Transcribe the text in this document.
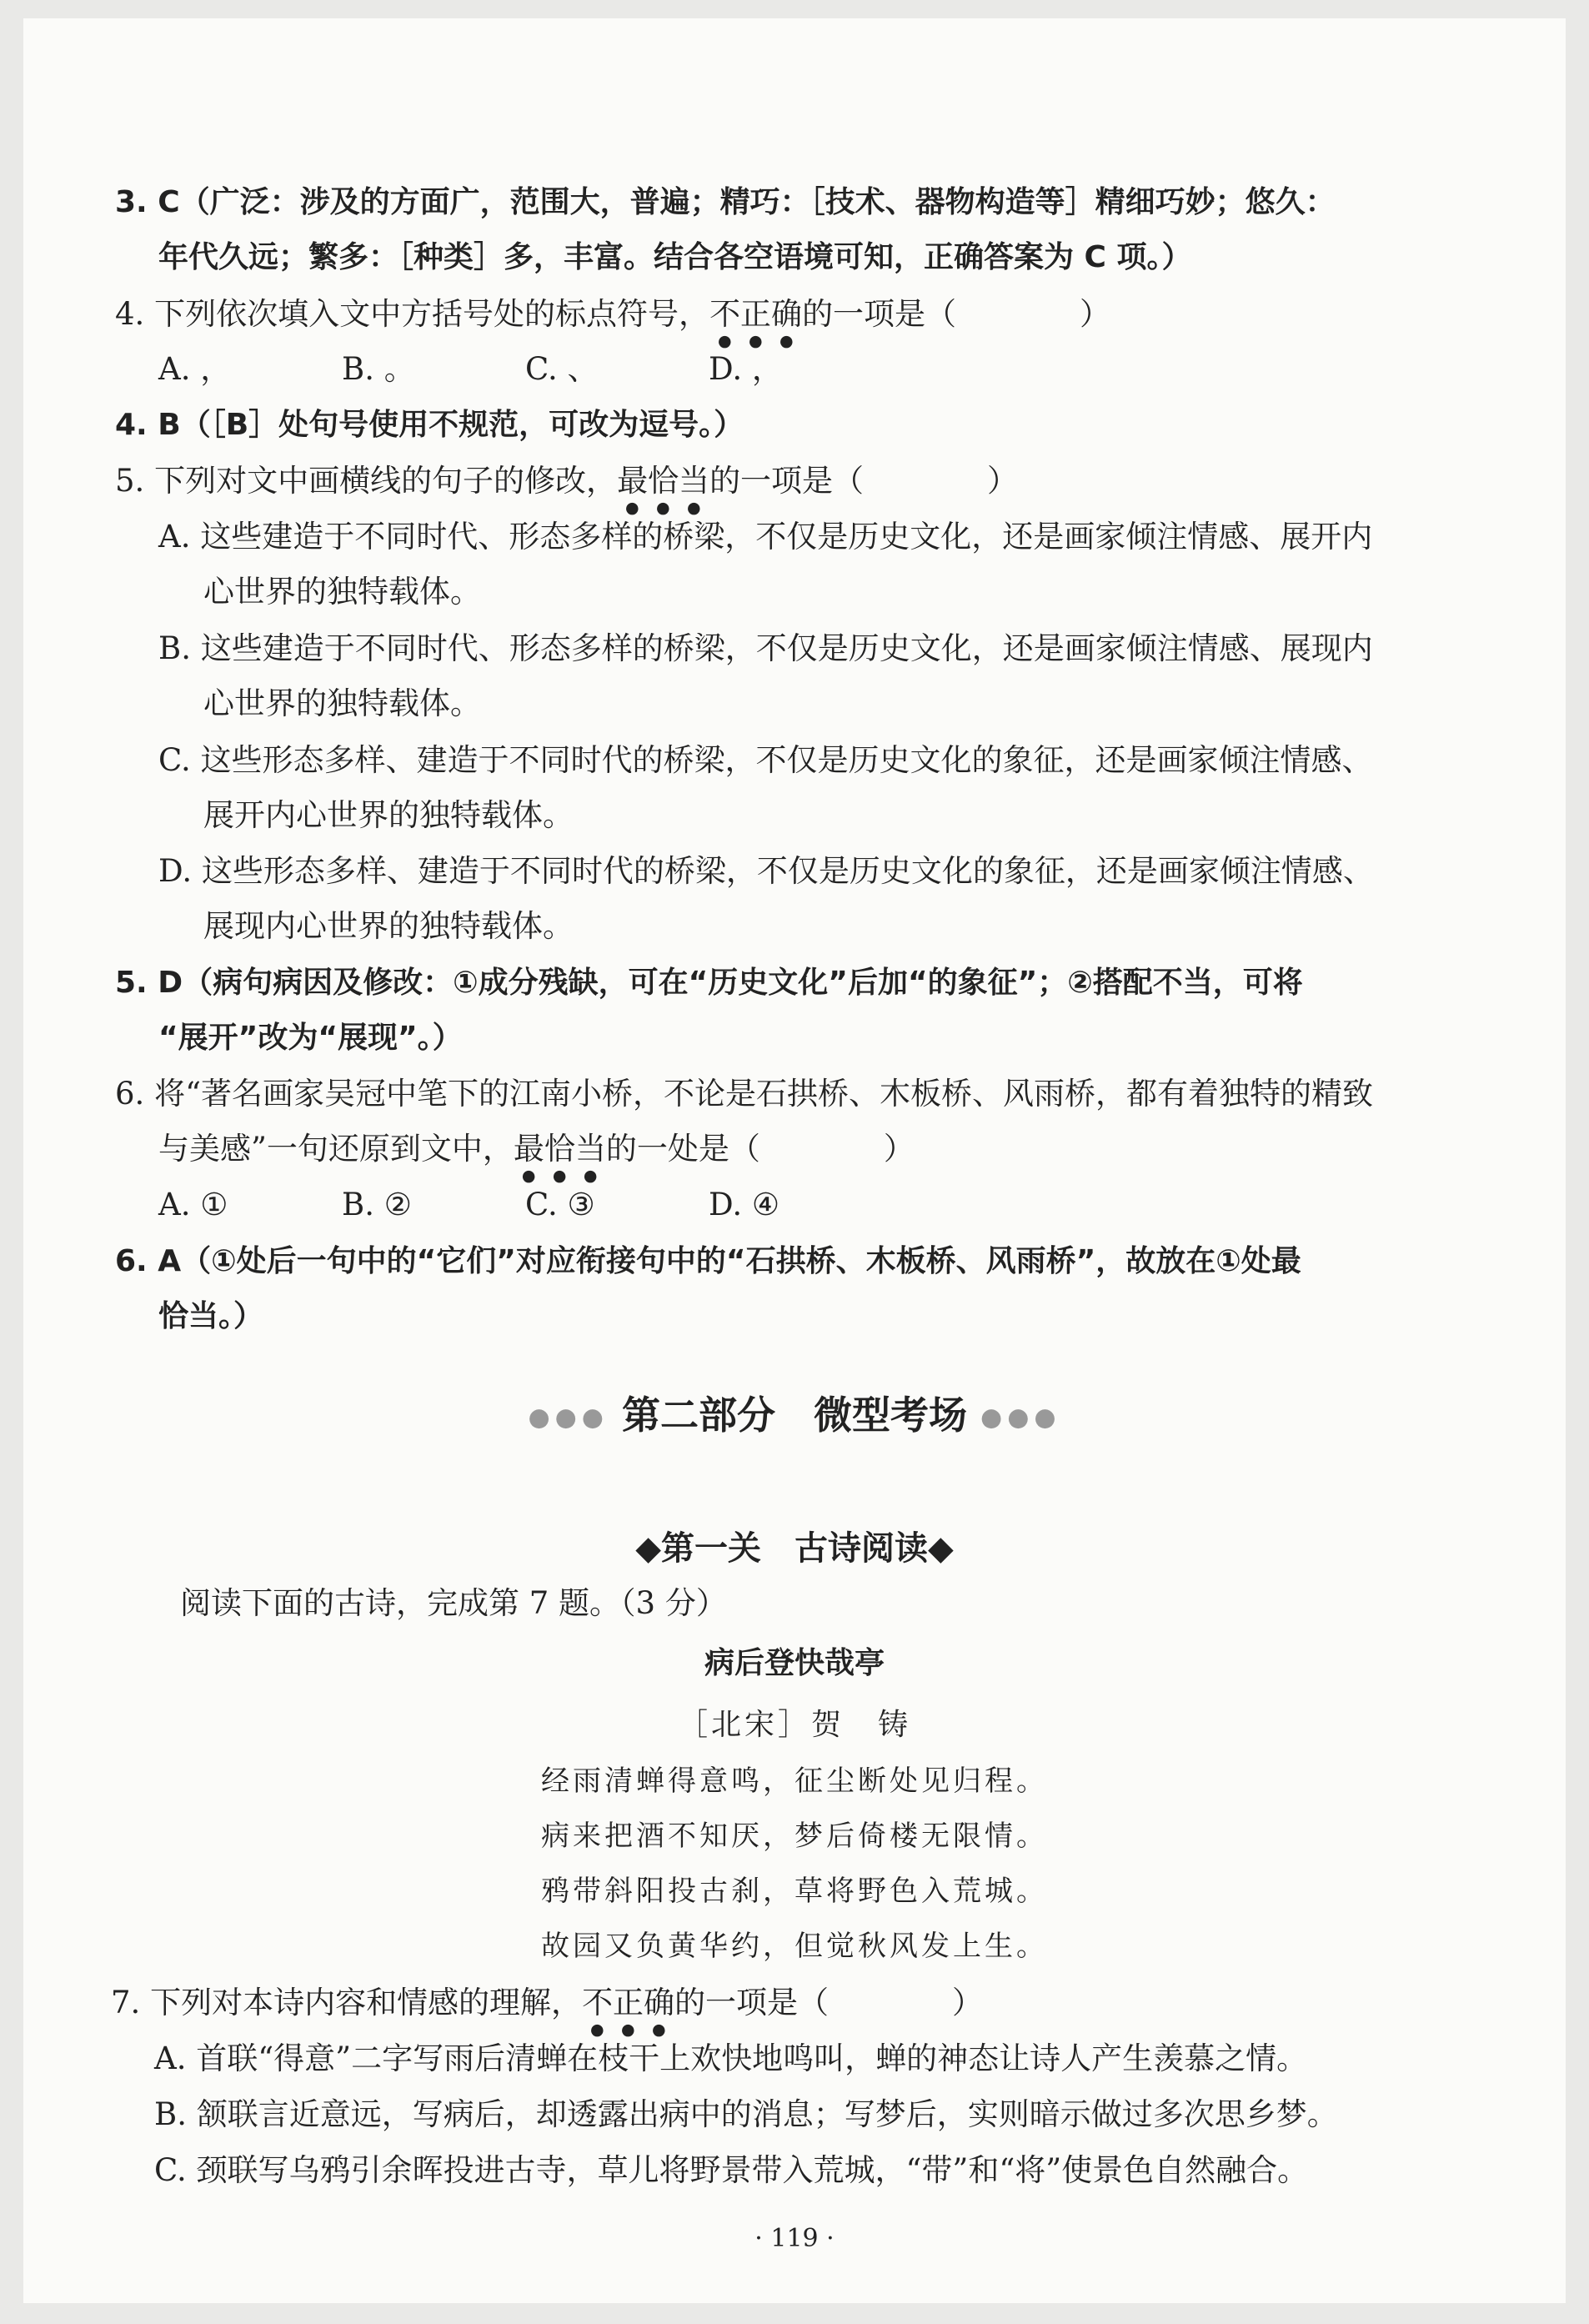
3. C（广泛：涉及的方面广，范围大，普遍；精巧：［技术、器物构造等］精细巧妙；悠久：
年代久远；繁多：［种类］多，丰富。结合各空语境可知，正确答案为 C 项。）
4. 下列依次填入文中方括号处的标点符号，不正确的一项是（　　　　）
A. ，	B. 。	C. 、	D. ，
4. B（［B］处句号使用不规范，可改为逗号。）
5. 下列对文中画横线的句子的修改，最恰当的一项是（　　　　）
A. 这些建造于不同时代、形态多样的桥梁，不仅是历史文化，还是画家倾注情感、展开内
心世界的独特载体。
B. 这些建造于不同时代、形态多样的桥梁，不仅是历史文化，还是画家倾注情感、展现内
心世界的独特载体。
C. 这些形态多样、建造于不同时代的桥梁，不仅是历史文化的象征，还是画家倾注情感、
展开内心世界的独特载体。
D. 这些形态多样、建造于不同时代的桥梁，不仅是历史文化的象征，还是画家倾注情感、
展现内心世界的独特载体。
5. D（病句病因及修改：①成分残缺，可在“历史文化”后加“的象征”；②搭配不当，可将
“展开”改为“展现”。）
6. 将“著名画家吴冠中笔下的江南小桥，不论是石拱桥、木板桥、风雨桥，都有着独特的精致
与美感”一句还原到文中，最恰当的一处是（　　　　）
A. ①	B. ②	C. ③	D. ④
6. A（①处后一句中的“它们”对应衔接句中的“石拱桥、木板桥、风雨桥”，故放在①处最
恰当。）
●●● 第二部分　微型考场 ●●●
◆第一关　古诗阅读◆
阅读下面的古诗，完成第 7 题。（3 分）
病后登快哉亭
［北宋］贺　铸
经雨清蝉得意鸣，征尘断处见归程。
病来把酒不知厌，梦后倚楼无限情。
鸦带斜阳投古刹，草将野色入荒城。
故园又负黄华约，但觉秋风发上生。
7. 下列对本诗内容和情感的理解，不正确的一项是（　　　　）
A. 首联“得意”二字写雨后清蝉在枝干上欢快地鸣叫，蝉的神态让诗人产生羡慕之情。
B. 颔联言近意远，写病后，却透露出病中的消息；写梦后，实则暗示做过多次思乡梦。
C. 颈联写乌鸦引余晖投进古寺，草儿将野景带入荒城，“带”和“将”使景色自然融合。
· 119 ·
